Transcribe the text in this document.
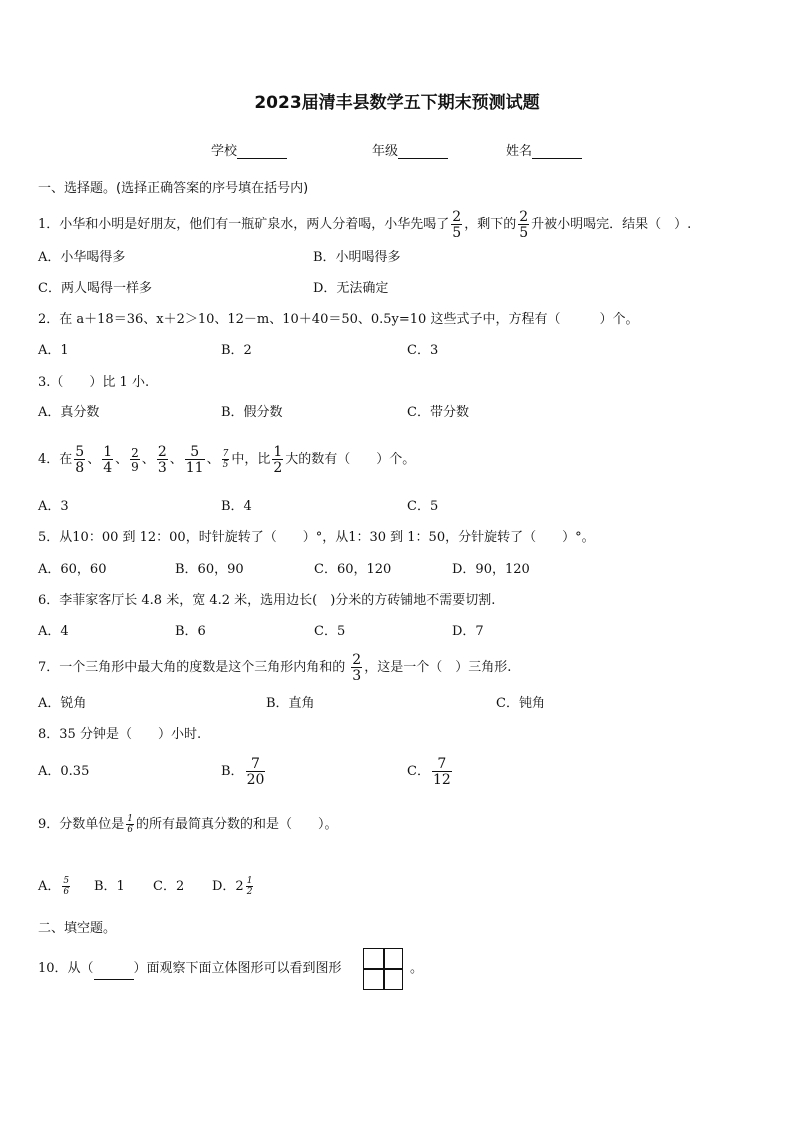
2023届清丰县数学五下期末预测试题
学校	年级	姓名
一、选择题。(选择正确答案的序号填在括号内)
1．小华和小明是好朋友，他们有一瓶矿泉水，两人分着喝，小华先喝了 $\frac{2}{5}$ ，剩下的 $\frac{2}{5}$ 升被小明喝完．结果（　）.
A．小华喝得多	B．小明喝得多
C．两人喝得一样多	D．无法确定
2．在 a＋18＝36、x＋2＞10、12－m、10＋40＝50、0.5y=10 这些式子中，方程有（　　　）个。
A．1	B．2	C．3
3.（　　）比 1 小.
A．真分数	B．假分数	C．带分数
4．在 $\frac{5}{8}$ 、 $\frac{1}{4}$ 、 $\frac{2}{9}$ 、 $\frac{2}{3}$ 、 $\frac{5}{11}$ 、 $\frac{7}{5}$ 中，比 $\frac{1}{2}$ 大的数有（　　）个。
A．3	B．4	C．5
5．从10：00 到 12：00，时针旋转了（　　）°，从1：30 到 1：50，分针旋转了（　　）°。
A．60，60	B．60，90	C．60，120	D．90，120
6．李菲家客厅长 4.8 米，宽 4.2 米，选用边长(　)分米的方砖铺地不需要切割.
A．4	B．6	C．5	D．7
7．一个三角形中最大角的度数是这个三角形内角和的 $\frac{2}{3}$ ，这是一个（　）三角形.
A．锐角	B．直角	C．钝角
8．35 分钟是（　　）小时.
A．0.35	B． $\frac{7}{20}$	C． $\frac{7}{12}$
9．分数单位是 $\frac{1}{6}$ 的所有最简真分数的和是（　　）。
A． $\frac{5}{6}$ B．1 C．2 D．$2 \frac{1}{2}$
二、填空题。
10．从（	）面观察下面立体图形可以看到图形	。
